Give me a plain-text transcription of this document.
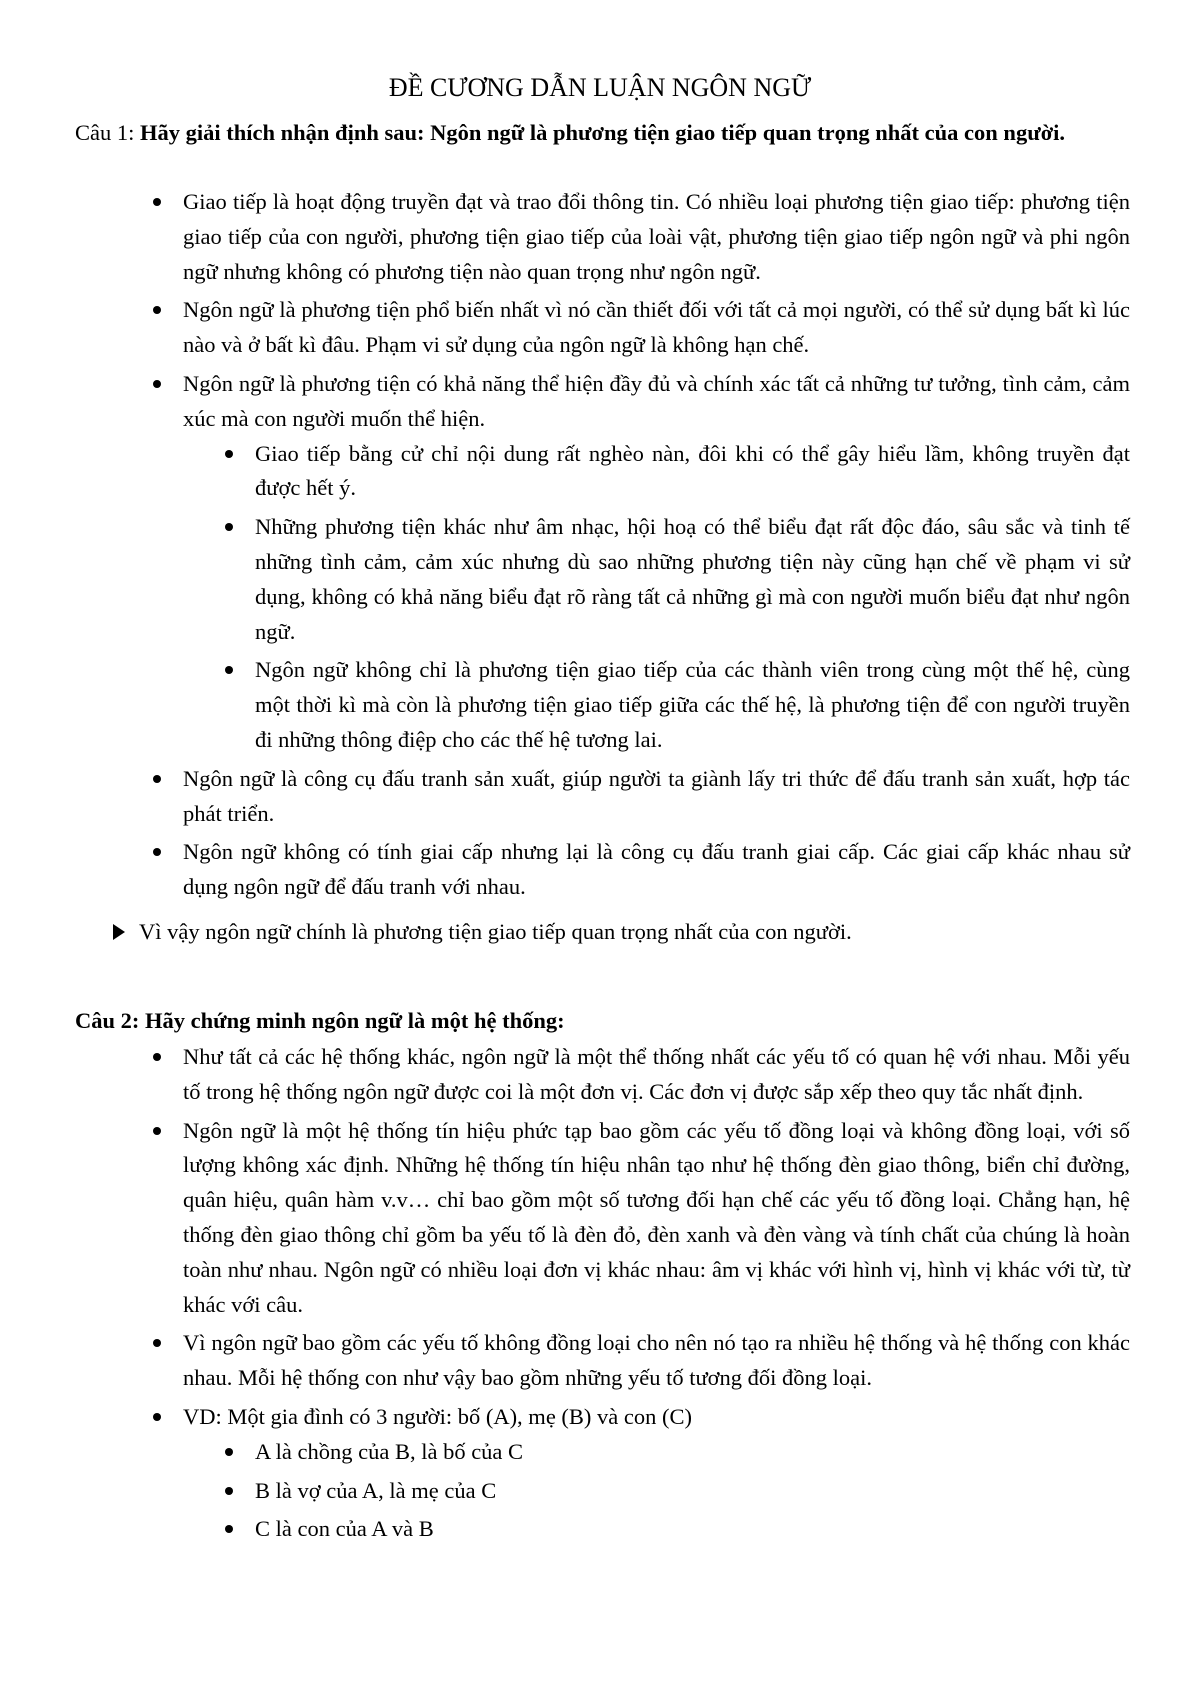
ĐỀ CƯƠNG DẪN LUẬN NGÔN NGỮ

Câu 1: Hãy giải thích nhận định sau: Ngôn ngữ là phương tiện giao tiếp quan trọng nhất của con người.

Giao tiếp là hoạt động truyền đạt và trao đổi thông tin. Có nhiều loại phương tiện giao tiếp: phương tiện giao tiếp của con người, phương tiện giao tiếp của loài vật, phương tiện giao tiếp ngôn ngữ và phi ngôn ngữ nhưng không có phương tiện nào quan trọng như ngôn ngữ.
Ngôn ngữ là phương tiện phổ biến nhất vì nó cần thiết đối với tất cả mọi người, có thể sử dụng bất kì lúc nào và ở bất kì đâu. Phạm vi sử dụng của ngôn ngữ là không hạn chế.
Ngôn ngữ là phương tiện có khả năng thể hiện đầy đủ và chính xác tất cả những tư tưởng, tình cảm, cảm xúc mà con người muốn thể hiện.
Giao tiếp bằng cử chỉ nội dung rất nghèo nàn, đôi khi có thể gây hiểu lầm, không truyền đạt được hết ý.
Những phương tiện khác như âm nhạc, hội hoạ có thể biểu đạt rất độc đáo, sâu sắc và tinh tế những tình cảm, cảm xúc nhưng dù sao những phương tiện này cũng hạn chế về phạm vi sử dụng, không có khả năng biểu đạt rõ ràng tất cả những gì mà con người muốn biểu đạt như ngôn ngữ.
Ngôn ngữ không chỉ là phương tiện giao tiếp của các thành viên trong cùng một thế hệ, cùng một thời kì mà còn là phương tiện giao tiếp giữa các thế hệ, là phương tiện để con người truyền đi những thông điệp cho các thế hệ tương lai.
Ngôn ngữ là công cụ đấu tranh sản xuất, giúp người ta giành lấy tri thức để đấu tranh sản xuất, hợp tác phát triển.
Ngôn ngữ không có tính giai cấp nhưng lại là công cụ đấu tranh giai cấp. Các giai cấp khác nhau sử dụng ngôn ngữ để đấu tranh với nhau.

Vì vậy ngôn ngữ chính là phương tiện giao tiếp quan trọng nhất của con người.

Câu 2: Hãy chứng minh ngôn ngữ là một hệ thống:

Như tất cả các hệ thống khác, ngôn ngữ là một thể thống nhất các yếu tố có quan hệ với nhau. Mỗi yếu tố trong hệ thống ngôn ngữ được coi là một đơn vị. Các đơn vị được sắp xếp theo quy tắc nhất định.
Ngôn ngữ là một hệ thống tín hiệu phức tạp bao gồm các yếu tố đồng loại và không đồng loại, với số lượng không xác định. Những hệ thống tín hiệu nhân tạo như hệ thống đèn giao thông, biển chỉ đường, quân hiệu, quân hàm v.v… chỉ bao gồm một số tương đối hạn chế các yếu tố đồng loại. Chẳng hạn, hệ thống đèn giao thông chỉ gồm ba yếu tố là đèn đỏ, đèn xanh và đèn vàng và tính chất của chúng là hoàn toàn như nhau. Ngôn ngữ có nhiều loại đơn vị khác nhau: âm vị khác với hình vị, hình vị khác với từ, từ khác với câu.
Vì ngôn ngữ bao gồm các yếu tố không đồng loại cho nên nó tạo ra nhiều hệ thống và hệ thống con khác nhau. Mỗi hệ thống con như vậy bao gồm những yếu tố tương đối đồng loại.
VD: Một gia đình có 3 người: bố (A), mẹ (B) và con (C)
A là chồng của B, là bố của C
B là vợ của A, là mẹ của C
C là con của A và B
